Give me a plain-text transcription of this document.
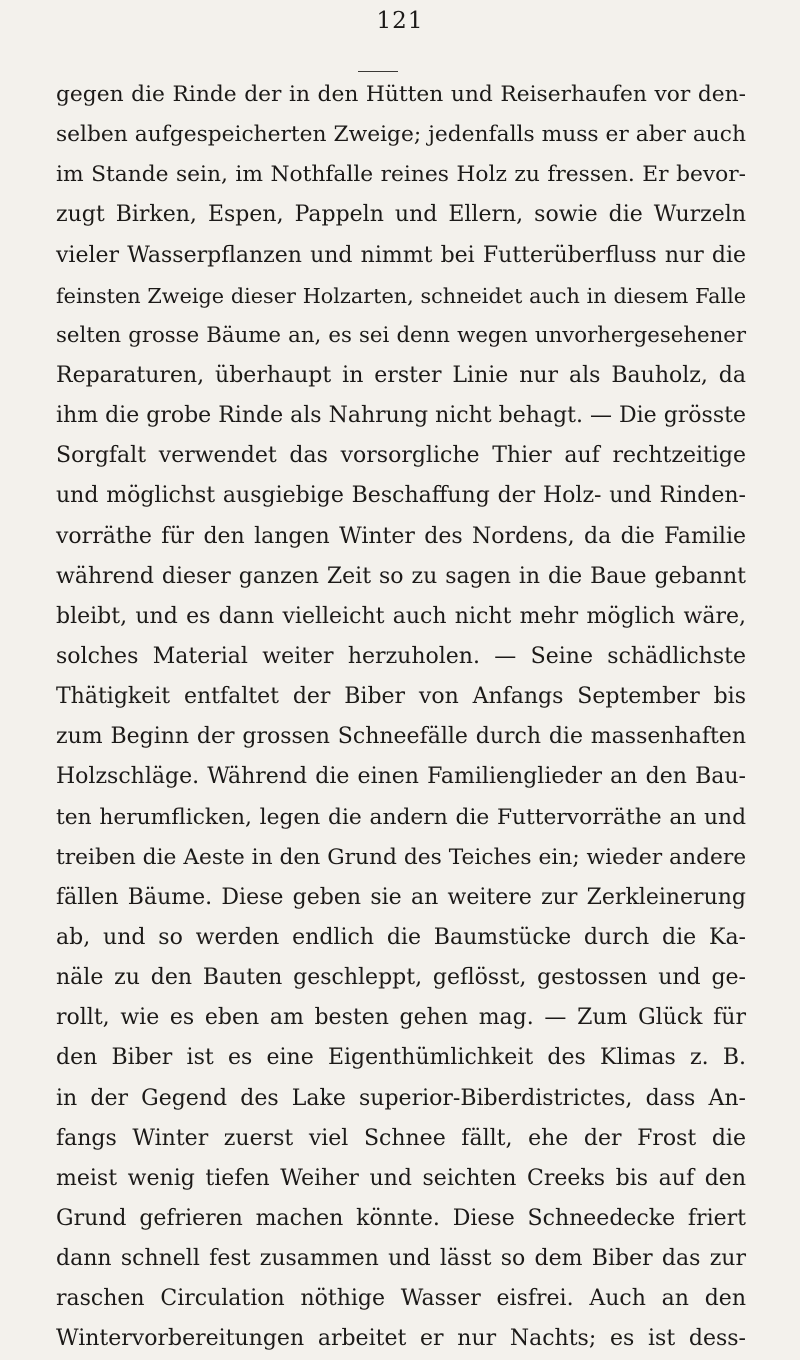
121
gegen die Rinde der in den Hütten und Reiserhaufen vor den-
selben aufgespeicherten Zweige; jedenfalls muss er aber auch
im Stande sein, im Nothfalle reines Holz zu fressen. Er bevor-
zugt Birken, Espen, Pappeln und Ellern, sowie die Wurzeln
vieler Wasserpflanzen und nimmt bei Futterüberfluss nur die
feinsten Zweige dieser Holzarten, schneidet auch in diesem Falle
selten grosse Bäume an, es sei denn wegen unvorhergesehener
Reparaturen, überhaupt in erster Linie nur als Bauholz, da
ihm die grobe Rinde als Nahrung nicht behagt. — Die grösste
Sorgfalt verwendet das vorsorgliche Thier auf rechtzeitige
und möglichst ausgiebige Beschaffung der Holz- und Rinden-
vorräthe für den langen Winter des Nordens, da die Familie
während dieser ganzen Zeit so zu sagen in die Baue gebannt
bleibt, und es dann vielleicht auch nicht mehr möglich wäre,
solches Material weiter herzuholen. — Seine schädlichste
Thätigkeit entfaltet der Biber von Anfangs September bis
zum Beginn der grossen Schneefälle durch die massenhaften
Holzschläge. Während die einen Familienglieder an den Bau-
ten herumflicken, legen die andern die Futtervorräthe an und
treiben die Aeste in den Grund des Teiches ein; wieder andere
fällen Bäume. Diese geben sie an weitere zur Zerkleinerung
ab, und so werden endlich die Baumstücke durch die Ka-
näle zu den Bauten geschleppt, geflösst, gestossen und ge-
rollt, wie es eben am besten gehen mag. — Zum Glück für
den Biber ist es eine Eigenthümlichkeit des Klimas z. B.
in der Gegend des Lake superior-Biberdistrictes, dass An-
fangs Winter zuerst viel Schnee fällt, ehe der Frost die
meist wenig tiefen Weiher und seichten Creeks bis auf den
Grund gefrieren machen könnte. Diese Schneedecke friert
dann schnell fest zusammen und lässt so dem Biber das zur
raschen Circulation nöthige Wasser eisfrei. Auch an den
Wintervorbereitungen arbeitet er nur Nachts; es ist dess-
